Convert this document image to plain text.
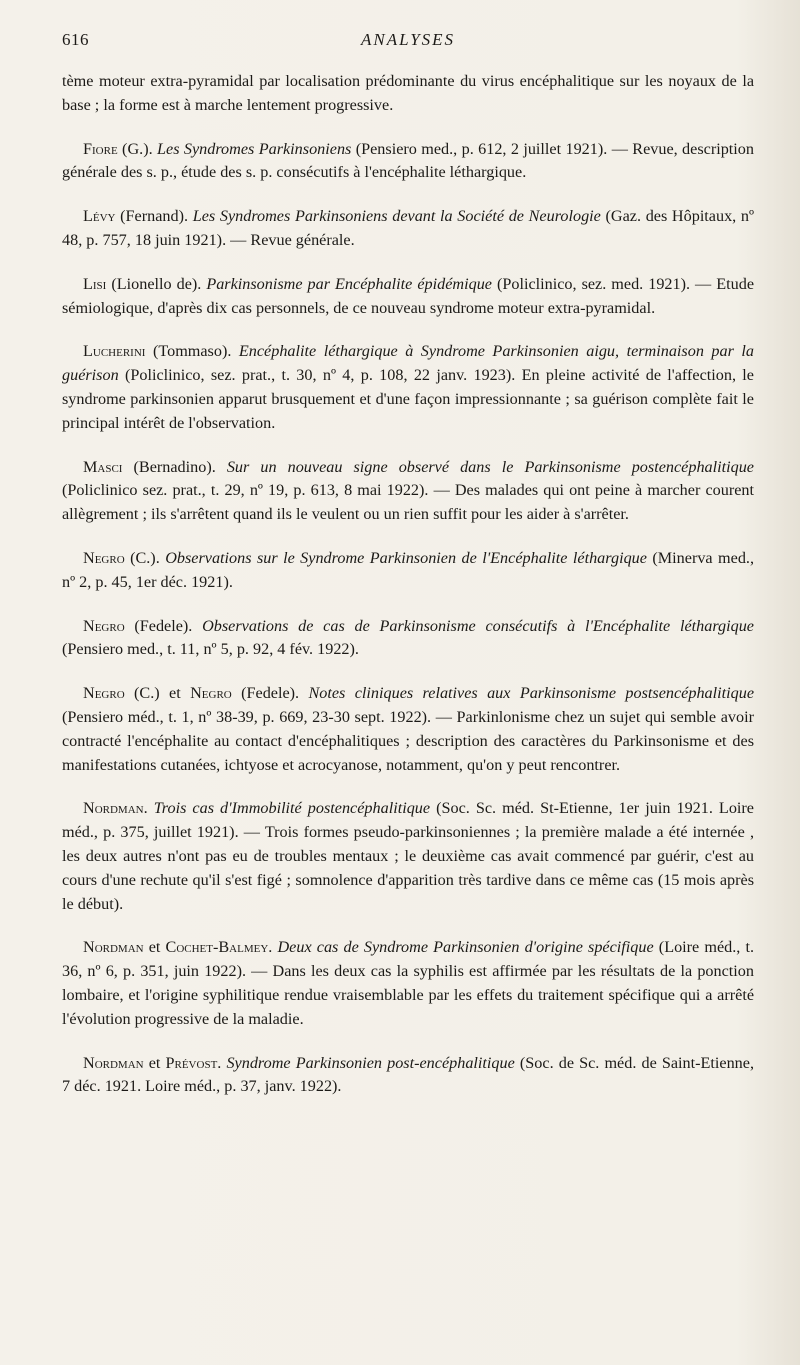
616	ANALYSES

tème moteur extra-pyramidal par localisation prédominante du virus encéphalitique sur les noyaux de la base ; la forme est à marche lentement progressive.

Fiore (G.). Les Syndromes Parkinsoniens (Pensiero med., p. 612, 2 juillet 1921). — Revue, description générale des s. p., étude des s. p. consécutifs à l'encéphalite léthargique.

Lévy (Fernand). Les Syndromes Parkinsoniens devant la Société de Neurologie (Gaz. des Hôpitaux, nº 48, p. 757, 18 juin 1921). — Revue générale.

Lisi (Lionello de). Parkinsonisme par Encéphalite épidémique (Policlinico, sez. med. 1921). — Etude sémiologique, d'après dix cas personnels, de ce nouveau syndrome moteur extra-pyramidal.

Lucherini (Tommaso). Encéphalite léthargique à Syndrome Parkinsonien aigu, terminaison par la guérison (Policlinico, sez. prat., t. 30, nº 4, p. 108, 22 janv. 1923). En pleine activité de l'affection, le syndrome parkinsonien apparut brusquement et d'une façon impressionnante ; sa guérison complète fait le principal intérêt de l'observation.

Masci (Bernadino). Sur un nouveau signe observé dans le Parkinsonisme postencéphalitique (Policlinico sez. prat., t. 29, nº 19, p. 613, 8 mai 1922). — Des malades qui ont peine à marcher courent allègrement ; ils s'arrêtent quand ils le veulent ou un rien suffit pour les aider à s'arrêter.

Negro (C.). Observations sur le Syndrome Parkinsonien de l'Encéphalite léthargique (Minerva med., nº 2, p. 45, 1er déc. 1921).

Negro (Fedele). Observations de cas de Parkinsonisme consécutifs à l'Encéphalite léthargique (Pensiero med., t. 11, nº 5, p. 92, 4 fév. 1922).

Negro (C.) et Negro (Fedele). Notes cliniques relatives aux Parkinsonisme postsencéphalitique (Pensiero méd., t. 1, nº 38-39, p. 669, 23-30 sept. 1922). — Parkinlonisme chez un sujet qui semble avoir contracté l'encéphalite au contact d'encéphalitiques ; description des caractères du Parkinsonisme et des manifestations cutanées, ichtyose et acrocyanose, notamment, qu'on y peut rencontrer.

Nordman. Trois cas d'Immobilité postencéphalitique (Soc. Sc. méd. St-Etienne, 1er juin 1921. Loire méd., p. 375, juillet 1921). — Trois formes pseudo-parkinsoniennes ; la première malade a été internée , les deux autres n'ont pas eu de troubles mentaux ; le deuxième cas avait commencé par guérir, c'est au cours d'une rechute qu'il s'est figé ; somnolence d'apparition très tardive dans ce même cas (15 mois après le début).

Nordman et Cochet-Balmey. Deux cas de Syndrome Parkinsonien d'origine spécifique (Loire méd., t. 36, nº 6, p. 351, juin 1922). — Dans les deux cas la syphilis est affirmée par les résultats de la ponction lombaire, et l'origine syphilitique rendue vraisemblable par les effets du traitement spécifique qui a arrêté l'évolution progressive de la maladie.

Nordman et Prévost. Syndrome Parkinsonien post-encéphalitique (Soc. de Sc. méd. de Saint-Etienne, 7 déc. 1921. Loire méd., p. 37, janv. 1922).
